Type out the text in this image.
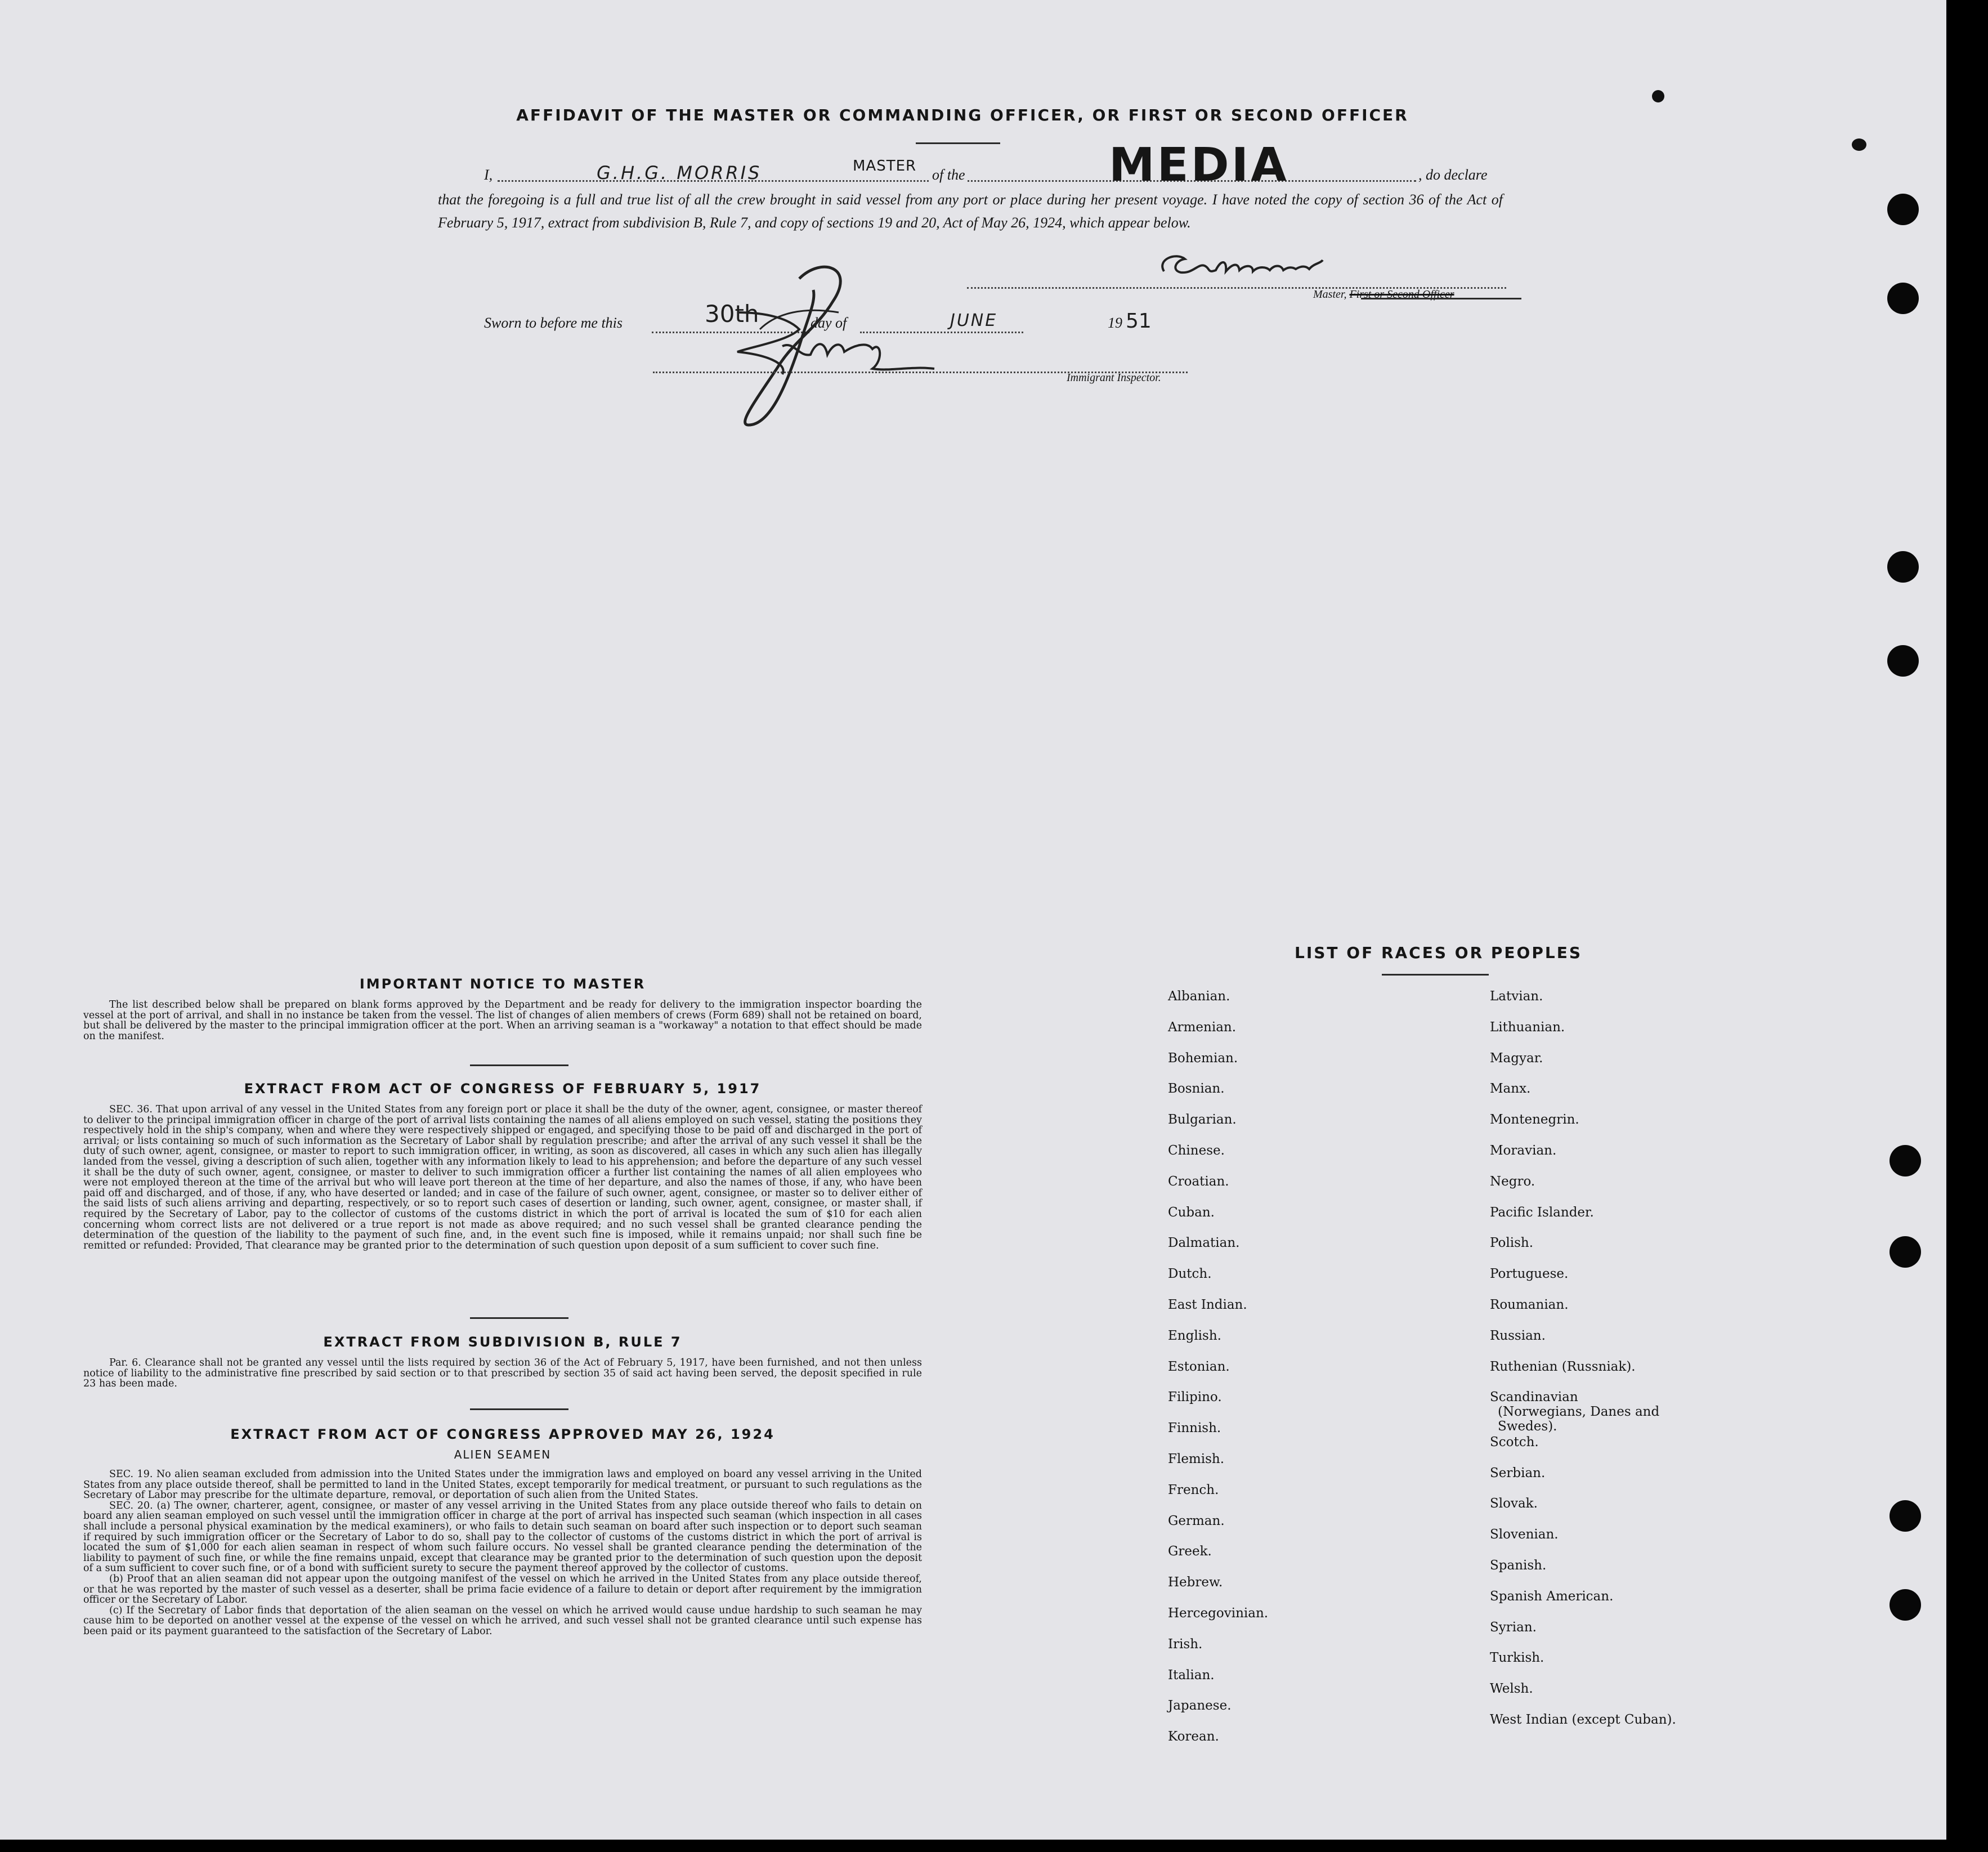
AFFIDAVIT OF THE MASTER OR COMMANDING OFFICER, OR FIRST OR SECOND OFFICER
I,	of the	, do declare
G.H.G. MORRIS	MASTER	MEDIA
that the foregoing is a full and true list of all the crew brought in said vessel from any port or place during her present voyage. I have noted the copy of section 36 of the Act of February 5, 1917, extract from subdivision B, Rule 7, and copy of sections 19 and 20, Act of May 26, 1924, which appear below.
Master, First or Second Officer
Sworn to before me this	day of	19
30th	JUNE	51
Immigrant Inspector.
IMPORTANT NOTICE TO MASTER

The list described below shall be prepared on blank forms approved by the Department and be ready for delivery to the immigration inspector boarding the vessel at the port of arrival, and shall in no instance be taken from the vessel. The list of changes of alien members of crews (Form 689) shall not be retained on board, but shall be delivered by the master to the principal immigration officer at the port. When an arriving seaman is a "workaway" a notation to that effect should be made on the manifest.

EXTRACT FROM ACT OF CONGRESS OF FEBRUARY 5, 1917

SEC. 36. That upon arrival of any vessel in the United States from any foreign port or place it shall be the duty of the owner, agent, consignee, or master thereof to deliver to the principal immigration officer in charge of the port of arrival lists containing the names of all aliens employed on such vessel, stating the positions they respectively hold in the ship's company, when and where they were respectively shipped or engaged, and specifying those to be paid off and discharged in the port of arrival; or lists containing so much of such information as the Secretary of Labor shall by regulation prescribe; and after the arrival of any such vessel it shall be the duty of such owner, agent, consignee, or master to report to such immigration officer, in writing, as soon as discovered, all cases in which any such alien has illegally landed from the vessel, giving a description of such alien, together with any information likely to lead to his apprehension; and before the departure of any such vessel it shall be the duty of such owner, agent, consignee, or master to deliver to such immigration officer a further list containing the names of all alien employees who were not employed thereon at the time of the arrival but who will leave port thereon at the time of her departure, and also the names of those, if any, who have been paid off and discharged, and of those, if any, who have deserted or landed; and in case of the failure of such owner, agent, consignee, or master so to deliver either of the said lists of such aliens arriving and departing, respectively, or so to report such cases of desertion or landing, such owner, agent, consignee, or master shall, if required by the Secretary of Labor, pay to the collector of customs of the customs district in which the port of arrival is located the sum of $10 for each alien concerning whom correct lists are not delivered or a true report is not made as above required; and no such vessel shall be granted clearance pending the determination of the question of the liability to the payment of such fine, and, in the event such fine is imposed, while it remains unpaid; nor shall such fine be remitted or refunded: Provided, That clearance may be granted prior to the determination of such question upon deposit of a sum sufficient to cover such fine.

EXTRACT FROM SUBDIVISION B, RULE 7

Par. 6. Clearance shall not be granted any vessel until the lists required by section 36 of the Act of February 5, 1917, have been furnished, and not then unless notice of liability to the administrative fine prescribed by said section or to that prescribed by section 35 of said act having been served, the deposit specified in rule 23 has been made.

EXTRACT FROM ACT OF CONGRESS APPROVED MAY 26, 1924
ALIEN SEAMEN

SEC. 19. No alien seaman excluded from admission into the United States under the immigration laws and employed on board any vessel arriving in the United States from any place outside thereof, shall be permitted to land in the United States, except temporarily for medical treatment, or pursuant to such regulations as the Secretary of Labor may prescribe for the ultimate departure, removal, or deportation of such alien from the United States.

SEC. 20. (a) The owner, charterer, agent, consignee, or master of any vessel arriving in the United States from any place outside thereof who fails to detain on board any alien seaman employed on such vessel until the immigration officer in charge at the port of arrival has inspected such seaman (which inspection in all cases shall include a personal physical examination by the medical examiners), or who fails to detain such seaman on board after such inspection or to deport such seaman if required by such immigration officer or the Secretary of Labor to do so, shall pay to the collector of customs of the customs district in which the port of arrival is located the sum of $1,000 for each alien seaman in respect of whom such failure occurs. No vessel shall be granted clearance pending the determination of the liability to payment of such fine, or while the fine remains unpaid, except that clearance may be granted prior to the determination of such question upon the deposit of a sum sufficient to cover such fine, or of a bond with sufficient surety to secure the payment thereof approved by the collector of customs.

(b) Proof that an alien seaman did not appear upon the outgoing manifest of the vessel on which he arrived in the United States from any place outside thereof, or that he was reported by the master of such vessel as a deserter, shall be prima facie evidence of a failure to detain or deport after requirement by the immigration officer or the Secretary of Labor.

(c) If the Secretary of Labor finds that deportation of the alien seaman on the vessel on which he arrived would cause undue hardship to such seaman he may cause him to be deported on another vessel at the expense of the vessel on which he arrived, and such vessel shall not be granted clearance until such expense has been paid or its payment guaranteed to the satisfaction of the Secretary of Labor.

LIST OF RACES OR PEOPLES
Albanian.
Armenian.
Bohemian.
Bosnian.
Bulgarian.
Chinese.
Croatian.
Cuban.
Dalmatian.
Dutch.
East Indian.
English.
Estonian.
Filipino.
Finnish.
Flemish.
French.
German.
Greek.
Hebrew.
Hercegovinian.
Irish.
Italian.
Japanese.
Korean.
Latvian.
Lithuanian.
Magyar.
Manx.
Montenegrin.
Moravian.
Negro.
Pacific Islander.
Polish.
Portuguese.
Roumanian.
Russian.
Ruthenian (Russniak).
Scandinavian (Norwegians, Danes and Swedes).
Scotch.
Serbian.
Slovak.
Slovenian.
Spanish.
Spanish American.
Syrian.
Turkish.
Welsh.
West Indian (except Cuban).
